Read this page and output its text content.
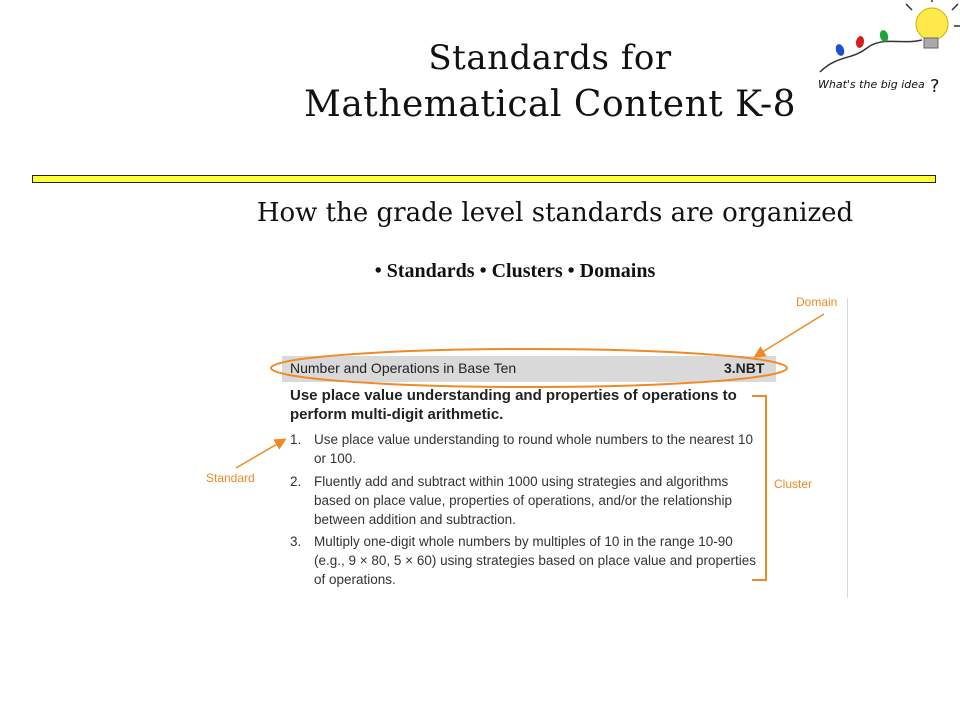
Standards for
Mathematical Content K-8	What's the big idea ?
How the grade level standards are organized
• Standards • Clusters • Domains
Number and Operations in Base Ten	3.NBT
Use place value understanding and properties of operations to perform multi-digit arithmetic.
1. Use place value understanding to round whole numbers to the nearest 10 or 100.
2. Fluently add and subtract within 1000 using strategies and algorithms based on place value, properties of operations, and/or the relationship between addition and subtraction.
3. Multiply one-digit whole numbers by multiples of 10 in the range 10-90 (e.g., 9 × 80, 5 × 60) using strategies based on place value and properties of operations.
Domain
Standard	Cluster
